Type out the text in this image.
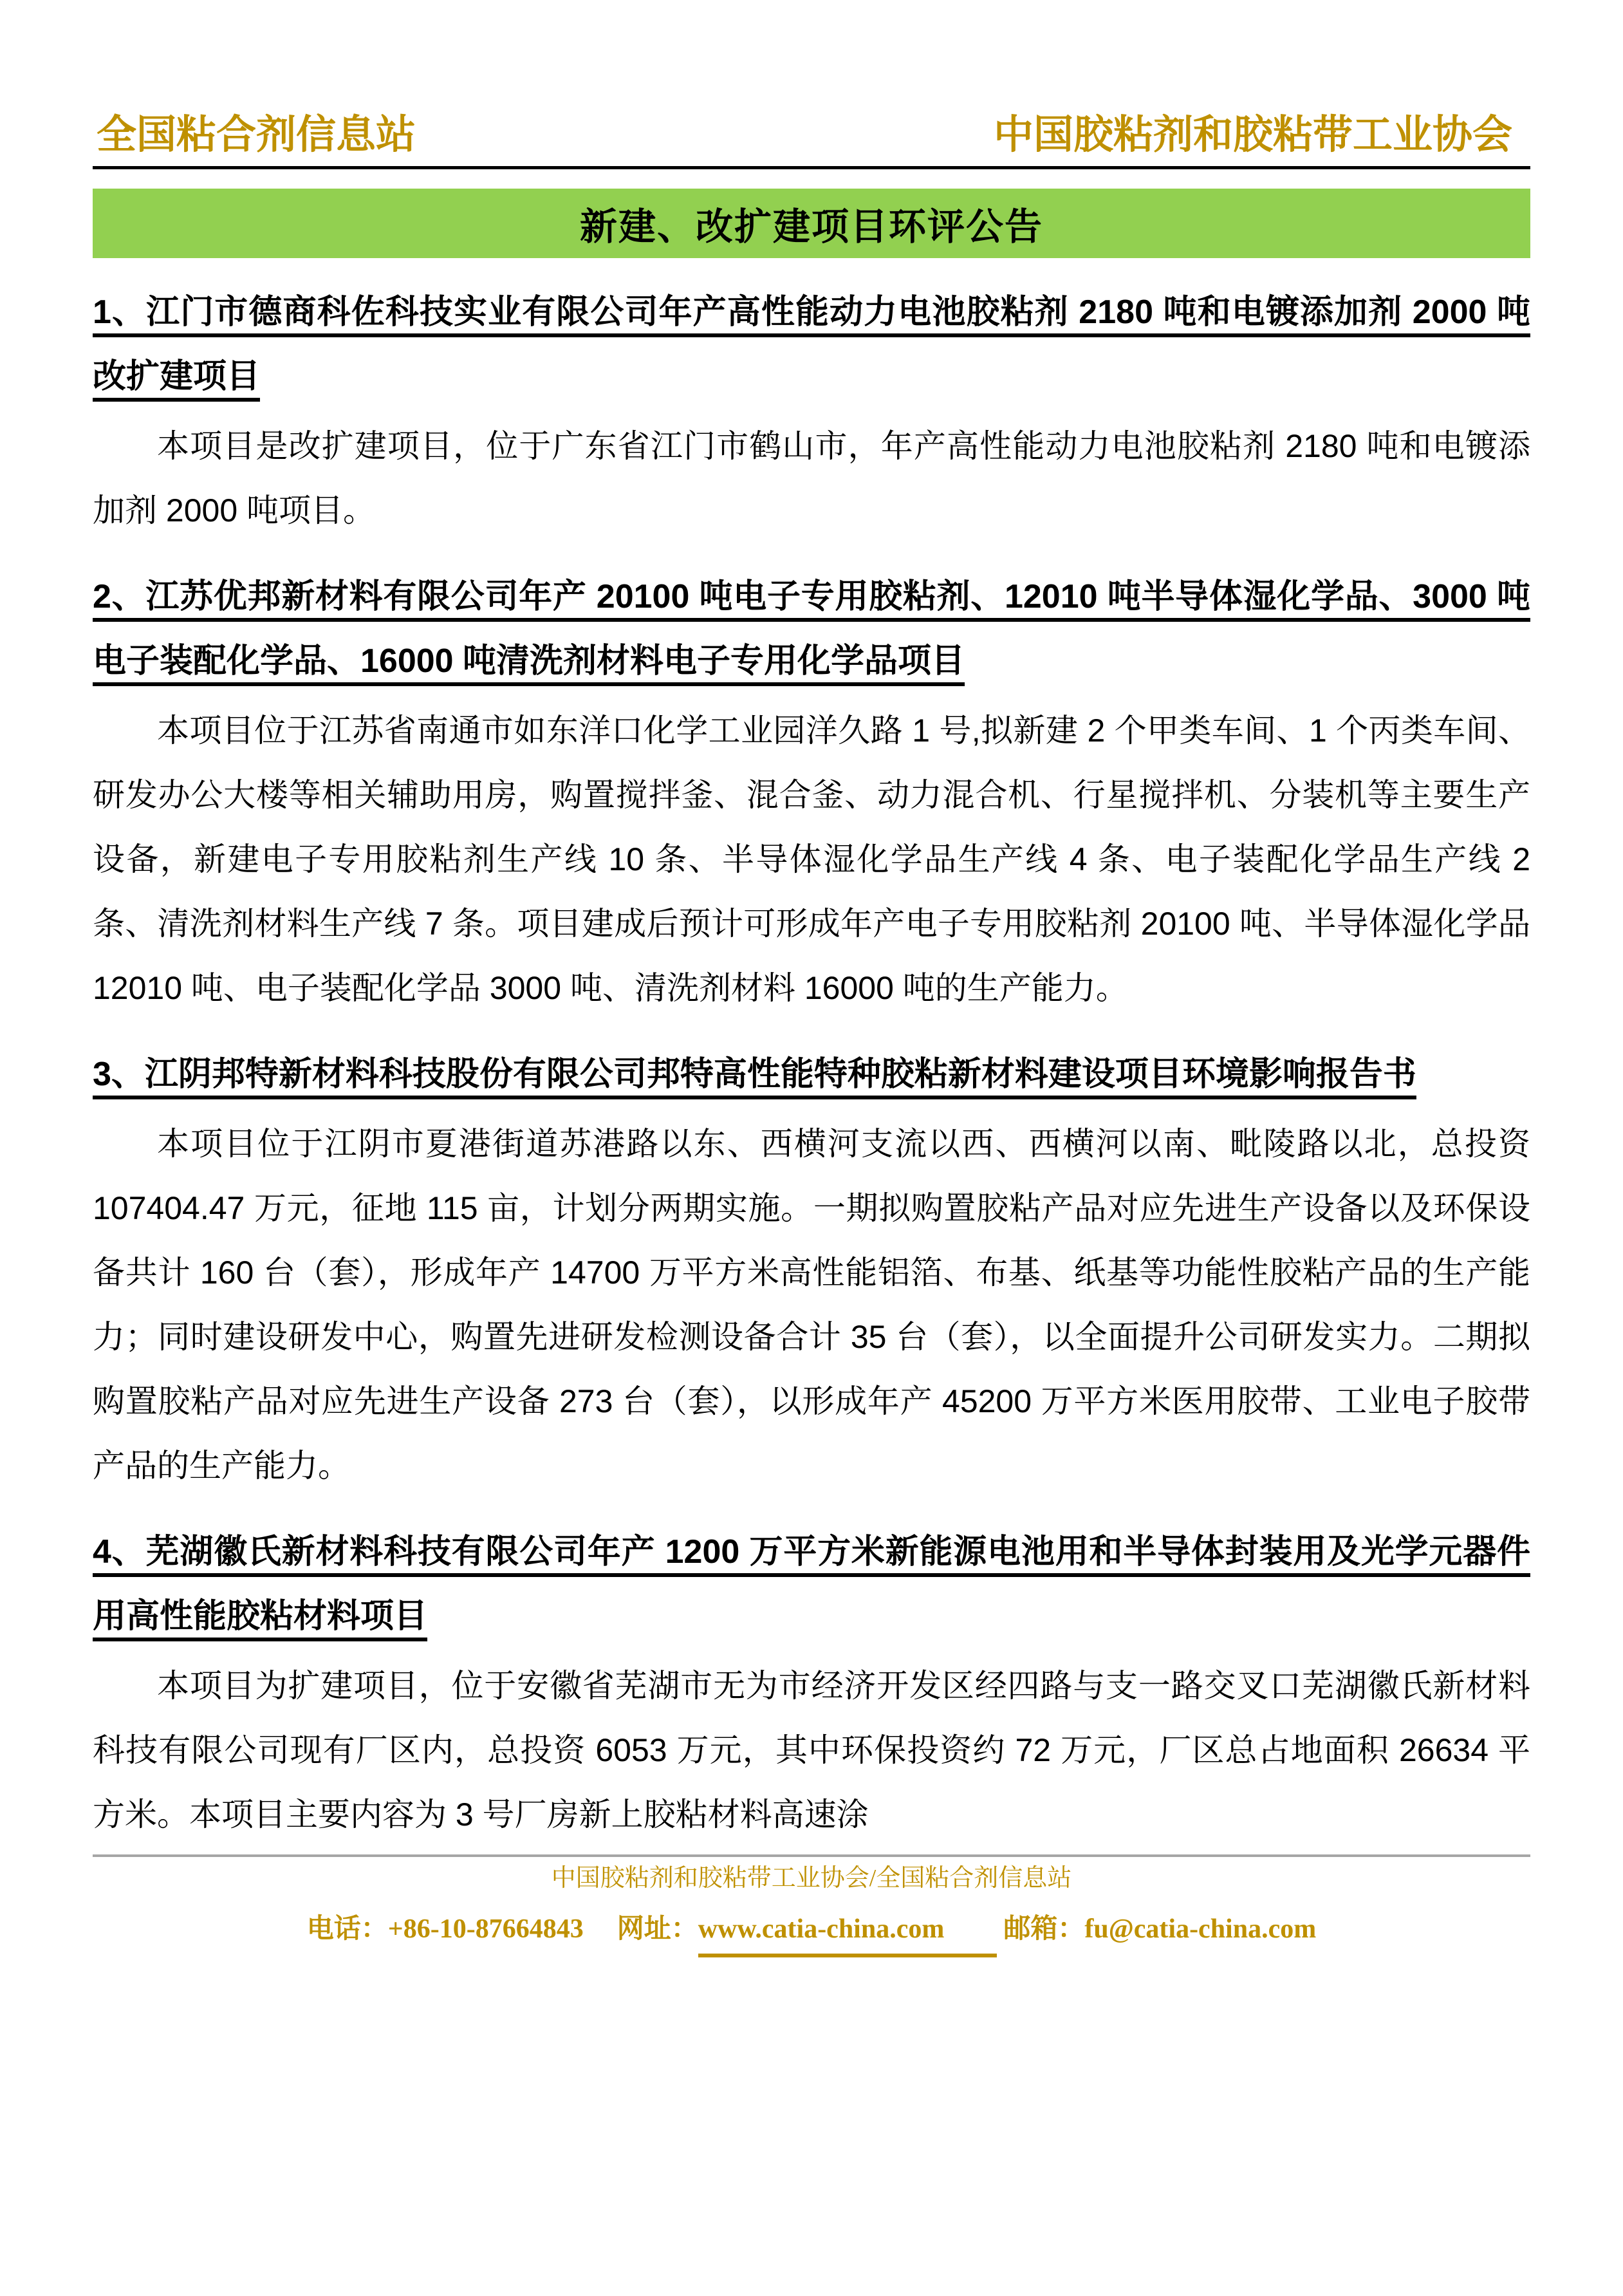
全国粘合剂信息站	中国胶粘剂和胶粘带工业协会
新建、改扩建项目环评公告
1、江门市德商科佐科技实业有限公司年产高性能动力电池胶粘剂 2180 吨和电镀添加剂 2000 吨改扩建项目

本项目是改扩建项目，位于广东省江门市鹤山市，年产高性能动力电池胶粘剂 2180 吨和电镀添加剂 2000 吨项目。

2、江苏优邦新材料有限公司年产 20100 吨电子专用胶粘剂、12010 吨半导体湿化学品、3000 吨电子装配化学品、16000 吨清洗剂材料电子专用化学品项目

本项目位于江苏省南通市如东洋口化学工业园洋久路 1 号,拟新建 2 个甲类车间、1 个丙类车间、研发办公大楼等相关辅助用房，购置搅拌釜、混合釜、动力混合机、行星搅拌机、分装机等主要生产设备，新建电子专用胶粘剂生产线 10 条、半导体湿化学品生产线 4 条、电子装配化学品生产线 2 条、清洗剂材料生产线 7 条。项目建成后预计可形成年产电子专用胶粘剂 20100 吨、半导体湿化学品 12010 吨、电子装配化学品 3000 吨、清洗剂材料 16000 吨的生产能力。

3、江阴邦特新材料科技股份有限公司邦特高性能特种胶粘新材料建设项目环境影响报告书

本项目位于江阴市夏港街道苏港路以东、西横河支流以西、西横河以南、毗陵路以北，总投资 107404.47 万元，征地 115 亩，计划分两期实施。一期拟购置胶粘产品对应先进生产设备以及环保设备共计 160 台（套），形成年产 14700 万平方米高性能铝箔、布基、纸基等功能性胶粘产品的生产能力；同时建设研发中心，购置先进研发检测设备合计 35 台（套），以全面提升公司研发实力。二期拟购置胶粘产品对应先进生产设备 273 台（套），以形成年产 45200 万平方米医用胶带、工业电子胶带产品的生产能力。

4、芜湖徽氏新材料科技有限公司年产 1200 万平方米新能源电池用和半导体封装用及光学元器件用高性能胶粘材料项目

本项目为扩建项目，位于安徽省芜湖市无为市经济开发区经四路与支一路交叉口芜湖徽氏新材料科技有限公司现有厂区内，总投资 6053 万元，其中环保投资约 72 万元，厂区总占地面积 26634 平方米。本项目主要内容为 3 号厂房新上胶粘材料高速涂

中国胶粘剂和胶粘带工业协会/全国粘合剂信息站
电话：+86-10-87664843 网址：www.catia-china.com 邮箱：fu@catia-china.com
